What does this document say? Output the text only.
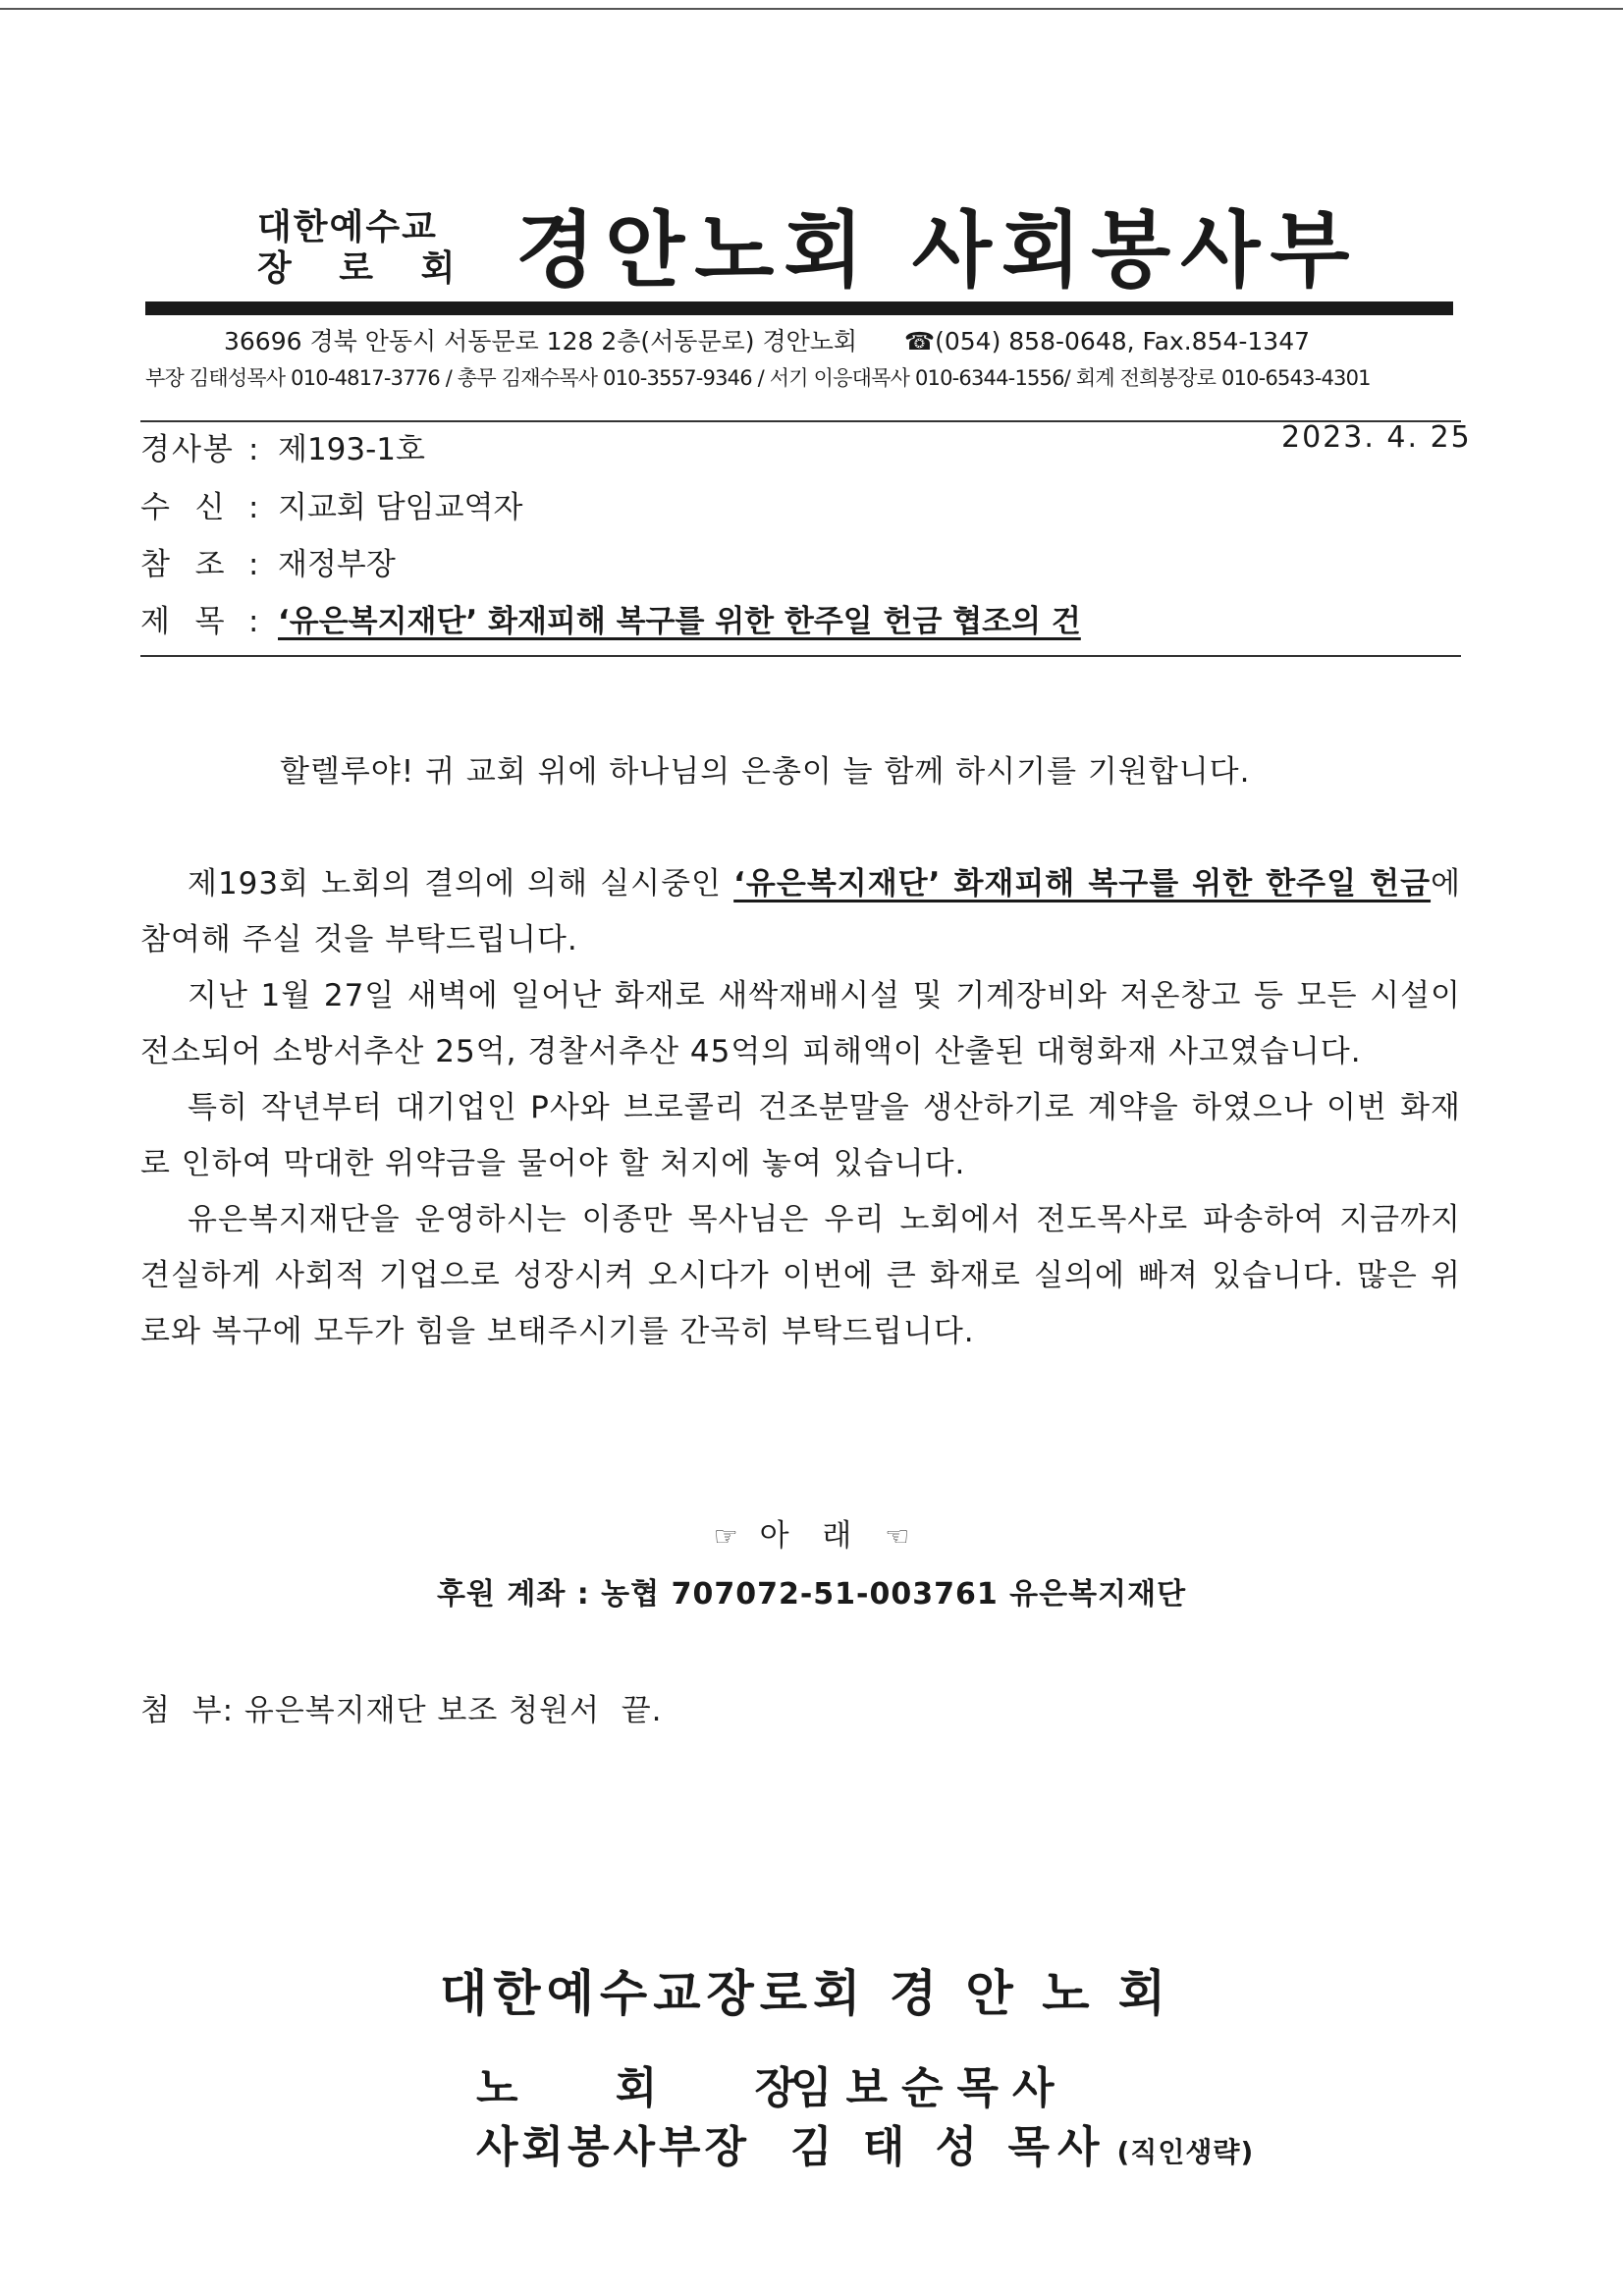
대한예수교
장 로 회 경안노회 사회봉사부
36696 경북 안동시 서동문로 128 2층(서동문로) 경안노회 ☎(054) 858-0648, Fax.854-1347
부장 김태성목사 010-4817-3776 / 총무 김재수목사 010-3557-9346 / 서기 이응대목사 010-6344-1556/ 회계 전희봉장로 010-6543-4301
경사봉 : 제193-1호	2023. 4. 25
수  신 : 지교회 담임교역자
참  조 : 재정부장
제  목 : ‘유은복지재단’ 화재피해 복구를 위한 한주일 헌금 협조의 건
할렐루야! 귀 교회 위에 하나님의 은총이 늘 함께 하시기를 기원합니다.
제193회 노회의 결의에 의해 실시중인 ‘유은복지재단’ 화재피해 복구를 위한 한주일 헌금에 참여해 주실 것을 부탁드립니다.
지난 1월 27일 새벽에 일어난 화재로 새싹재배시설 및 기계장비와 저온창고 등 모든 시설이 전소되어 소방서추산 25억, 경찰서추산 45억의 피해액이 산출된 대형화재 사고였습니다.
특히 작년부터 대기업인 P사와 브로콜리 건조분말을 생산하기로 계약을 하였으나 이번 화재로 인하여 막대한 위약금을 물어야 할 처지에 놓여 있습니다.
유은복지재단을 운영하시는 이종만 목사님은 우리 노회에서 전도목사로 파송하여 지금까지 견실하게 사회적 기업으로 성장시켜 오시다가 이번에 큰 화재로 실의에 빠져 있습니다. 많은 위로와 복구에 모두가 힘을 보태주시기를 간곡히 부탁드립니다.
☞ 아 래 ☜
후원 계좌 : 농협 707072-51-003761 유은복지재단
첨  부: 유은복지재단 보조 청원서  끝.
대한예수교장로회 경 안 노 회
노 회 장임보순목사
사회봉사부장 김 태 성 목사 (직인생략)
